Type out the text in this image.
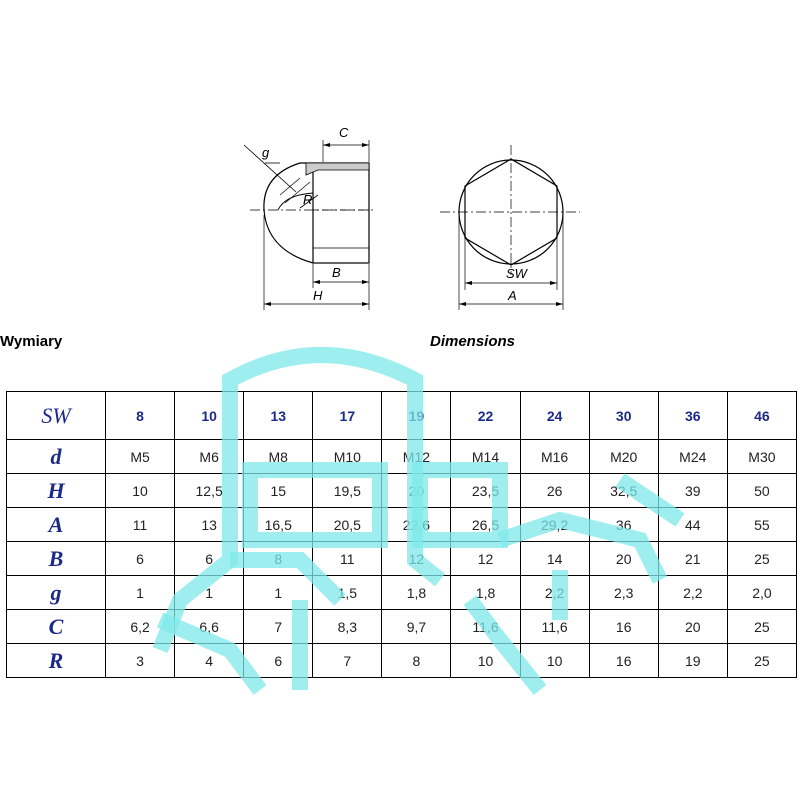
C
g
R
B
H
SW
A
Wymiary	Dimensions
SW	8	10	13	17	19	22	24	30	36	46
d	M5	M6	M8	M10	M12	M14	M16	M20	M24	M30
H	10	12,5	15	19,5	20	23,5	26	32,5	39	50
A	11	13	16,5	20,5	22,6	26,5	29,2	36	44	55
B	6	6	8	11	12	12	14	20	21	25
g	1	1	1	1,5	1,8	1,8	2,2	2,3	2,2	2,0
C	6,2	6,6	7	8,3	9,7	11,6	11,6	16	20	25
R	3	4	6	7	8	10	10	16	19	25
